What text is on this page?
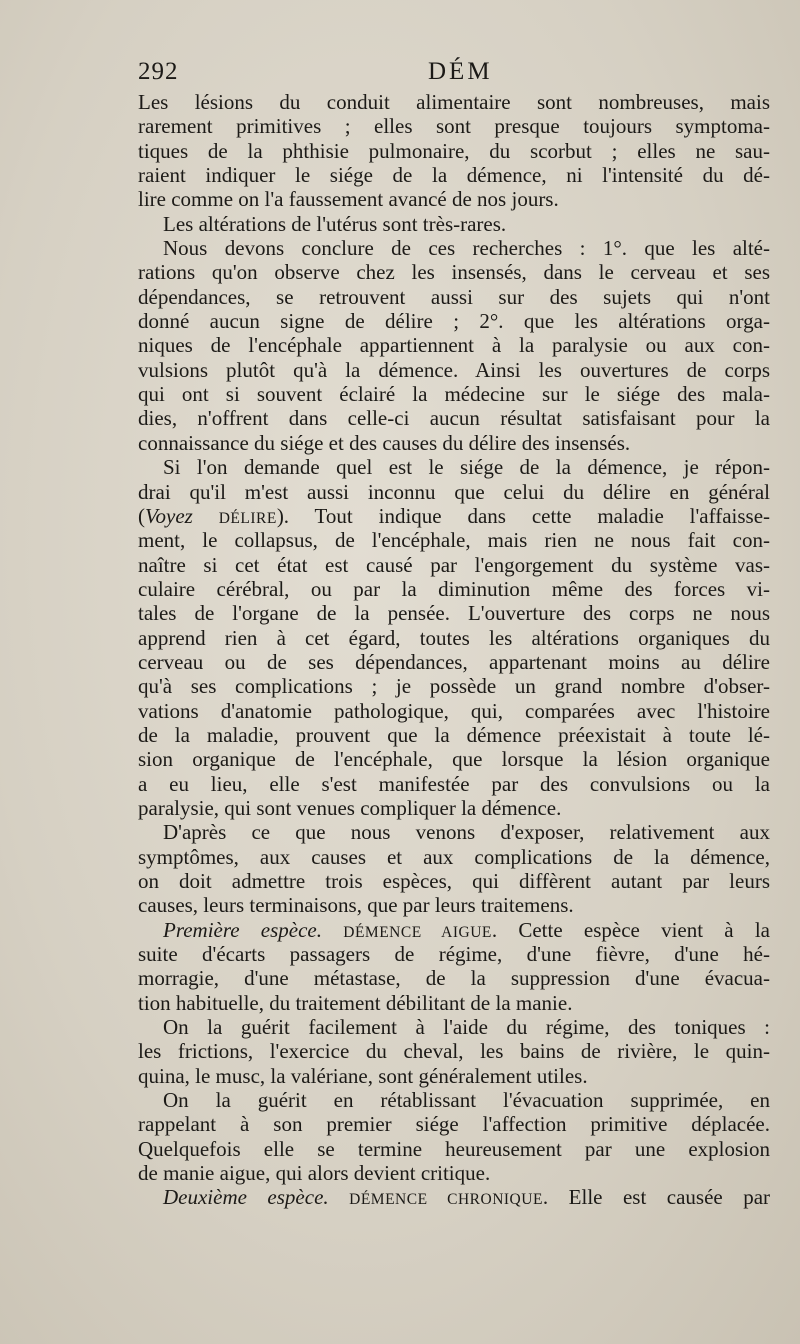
292	DÉM
Les lésions du conduit alimentaire sont nombreuses, mais
rarement primitives ; elles sont presque toujours symptoma-
tiques de la phthisie pulmonaire, du scorbut ; elles ne sau-
raient indiquer le siége de la démence, ni l'intensité du dé-
lire comme on l'a faussement avancé de nos jours.
Les altérations de l'utérus sont très-rares.
Nous devons conclure de ces recherches : 1°. que les alté-
rations qu'on observe chez les insensés, dans le cerveau et ses
dépendances, se retrouvent aussi sur des sujets qui n'ont
donné aucun signe de délire ; 2°. que les altérations orga-
niques de l'encéphale appartiennent à la paralysie ou aux con-
vulsions plutôt qu'à la démence. Ainsi les ouvertures de corps
qui ont si souvent éclairé la médecine sur le siége des mala-
dies, n'offrent dans celle-ci aucun résultat satisfaisant pour la
connaissance du siége et des causes du délire des insensés.
Si l'on demande quel est le siége de la démence, je répon-
drai qu'il m'est aussi inconnu que celui du délire en général
(Voyez DÉLIRE). Tout indique dans cette maladie l'affaisse-
ment, le collapsus, de l'encéphale, mais rien ne nous fait con-
naître si cet état est causé par l'engorgement du système vas-
culaire cérébral, ou par la diminution même des forces vi-
tales de l'organe de la pensée. L'ouverture des corps ne nous
apprend rien à cet égard, toutes les altérations organiques du
cerveau ou de ses dépendances, appartenant moins au délire
qu'à ses complications ; je possède un grand nombre d'obser-
vations d'anatomie pathologique, qui, comparées avec l'histoire
de la maladie, prouvent que la démence préexistait à toute lé-
sion organique de l'encéphale, que lorsque la lésion organique
a eu lieu, elle s'est manifestée par des convulsions ou la
paralysie, qui sont venues compliquer la démence.
D'après ce que nous venons d'exposer, relativement aux
symptômes, aux causes et aux complications de la démence,
on doit admettre trois espèces, qui diffèrent autant par leurs
causes, leurs terminaisons, que par leurs traitemens.
Première espèce. DÉMENCE AIGUE. Cette espèce vient à la
suite d'écarts passagers de régime, d'une fièvre, d'une hé-
morragie, d'une métastase, de la suppression d'une évacua-
tion habituelle, du traitement débilitant de la manie.
On la guérit facilement à l'aide du régime, des toniques :
les frictions, l'exercice du cheval, les bains de rivière, le quin-
quina, le musc, la valériane, sont généralement utiles.
On la guérit en rétablissant l'évacuation supprimée, en
rappelant à son premier siége l'affection primitive déplacée.
Quelquefois elle se termine heureusement par une explosion
de manie aigue, qui alors devient critique.
Deuxième espèce. DÉMENCE CHRONIQUE. Elle est causée par
